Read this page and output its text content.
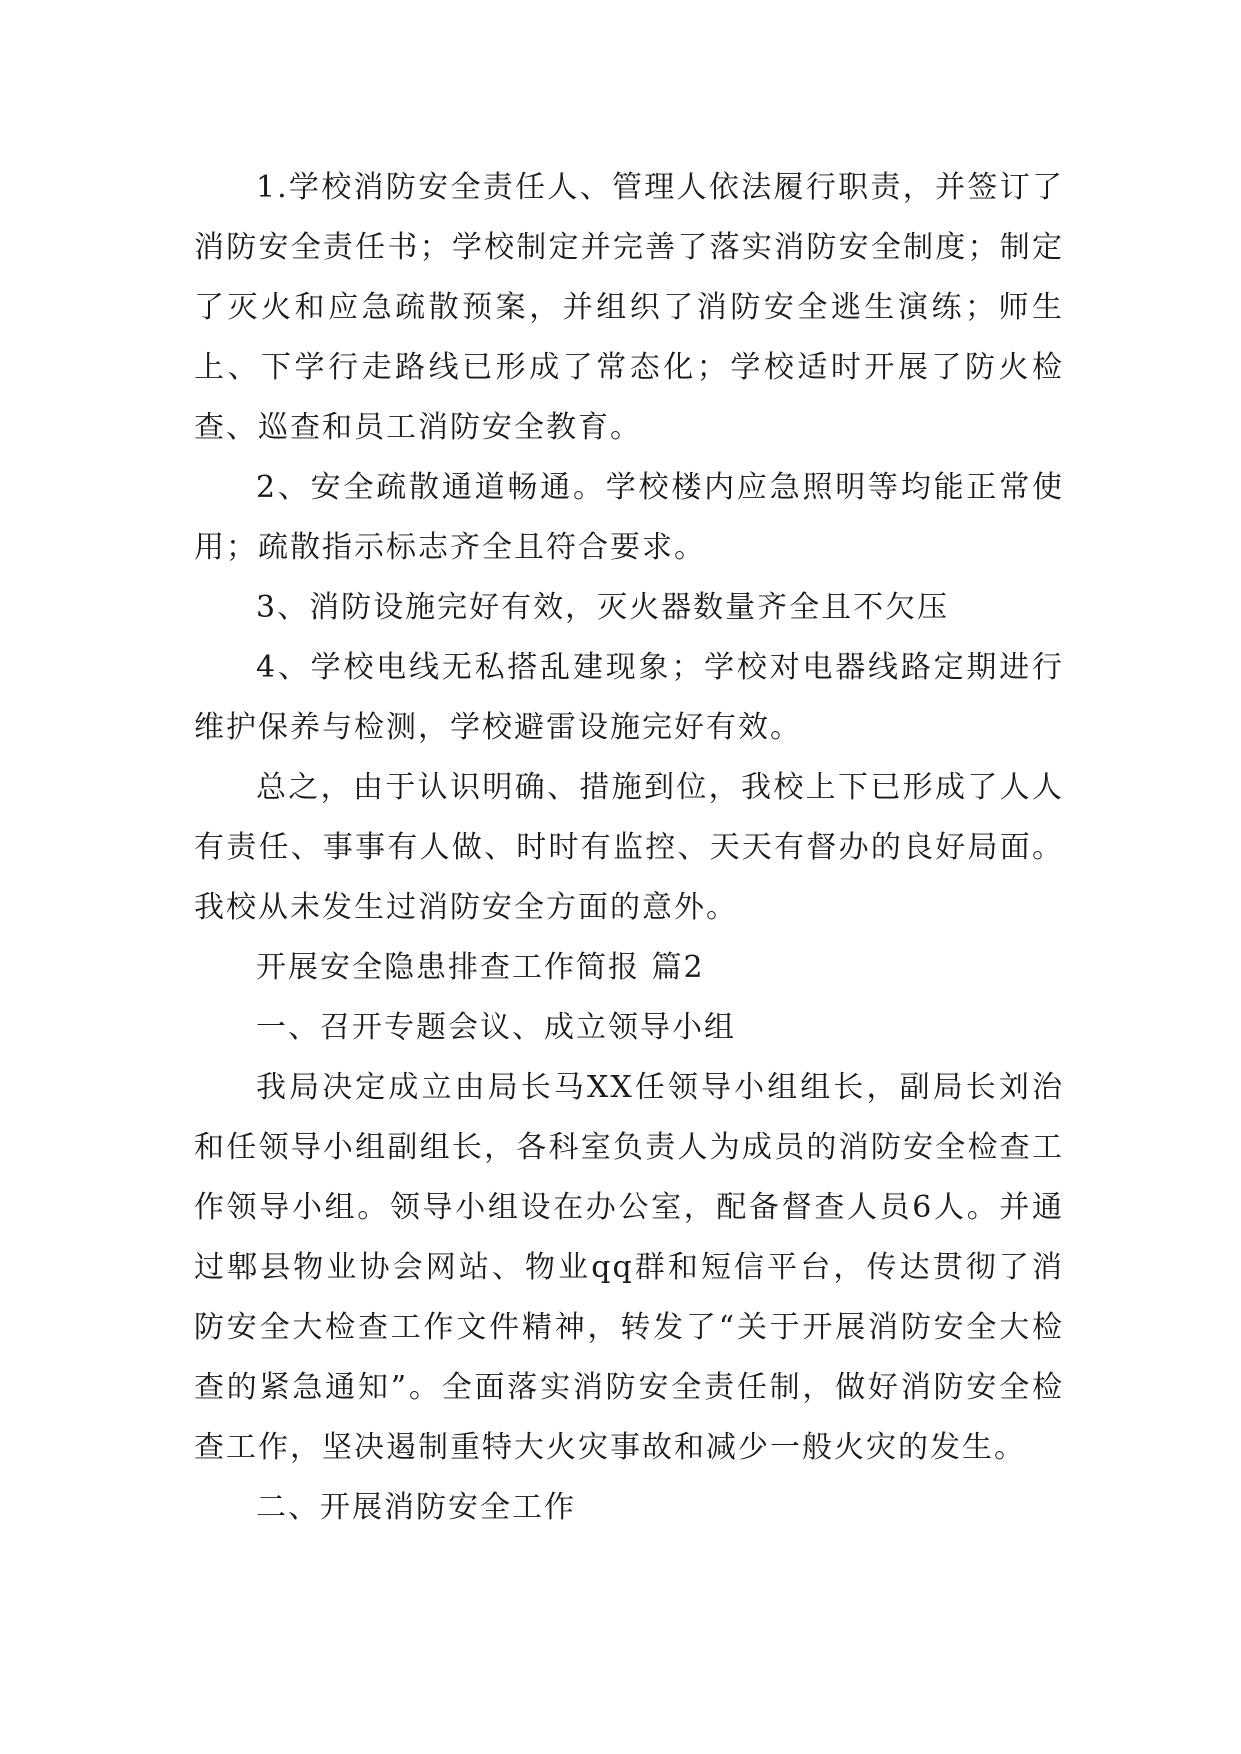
1.学校消防安全责任人、管理人依法履行职责，并签订了消防安全责任书；学校制定并完善了落实消防安全制度；制定了灭火和应急疏散预案，并组织了消防安全逃生演练；师生上、下学行走路线已形成了常态化；学校适时开展了防火检查、巡查和员工消防安全教育。

2、安全疏散通道畅通。学校楼内应急照明等均能正常使用；疏散指示标志齐全且符合要求。

3、消防设施完好有效，灭火器数量齐全且不欠压

4、学校电线无私搭乱建现象；学校对电器线路定期进行维护保养与检测，学校避雷设施完好有效。

总之，由于认识明确、措施到位，我校上下已形成了人人有责任、事事有人做、时时有监控、天天有督办的良好局面。我校从未发生过消防安全方面的意外。

开展安全隐患排查工作简报 篇2

一、召开专题会议、成立领导小组

我局决定成立由局长马XX任领导小组组长，副局长刘治和任领导小组副组长，各科室负责人为成员的消防安全检查工作领导小组。领导小组设在办公室，配备督查人员6人。并通过郫县物业协会网站、物业qq群和短信平台，传达贯彻了消防安全大检查工作文件精神，转发了“关于开展消防安全大检查的紧急通知”。全面落实消防安全责任制，做好消防安全检查工作，坚决遏制重特大火灾事故和减少一般火灾的发生。

二、开展消防安全工作
